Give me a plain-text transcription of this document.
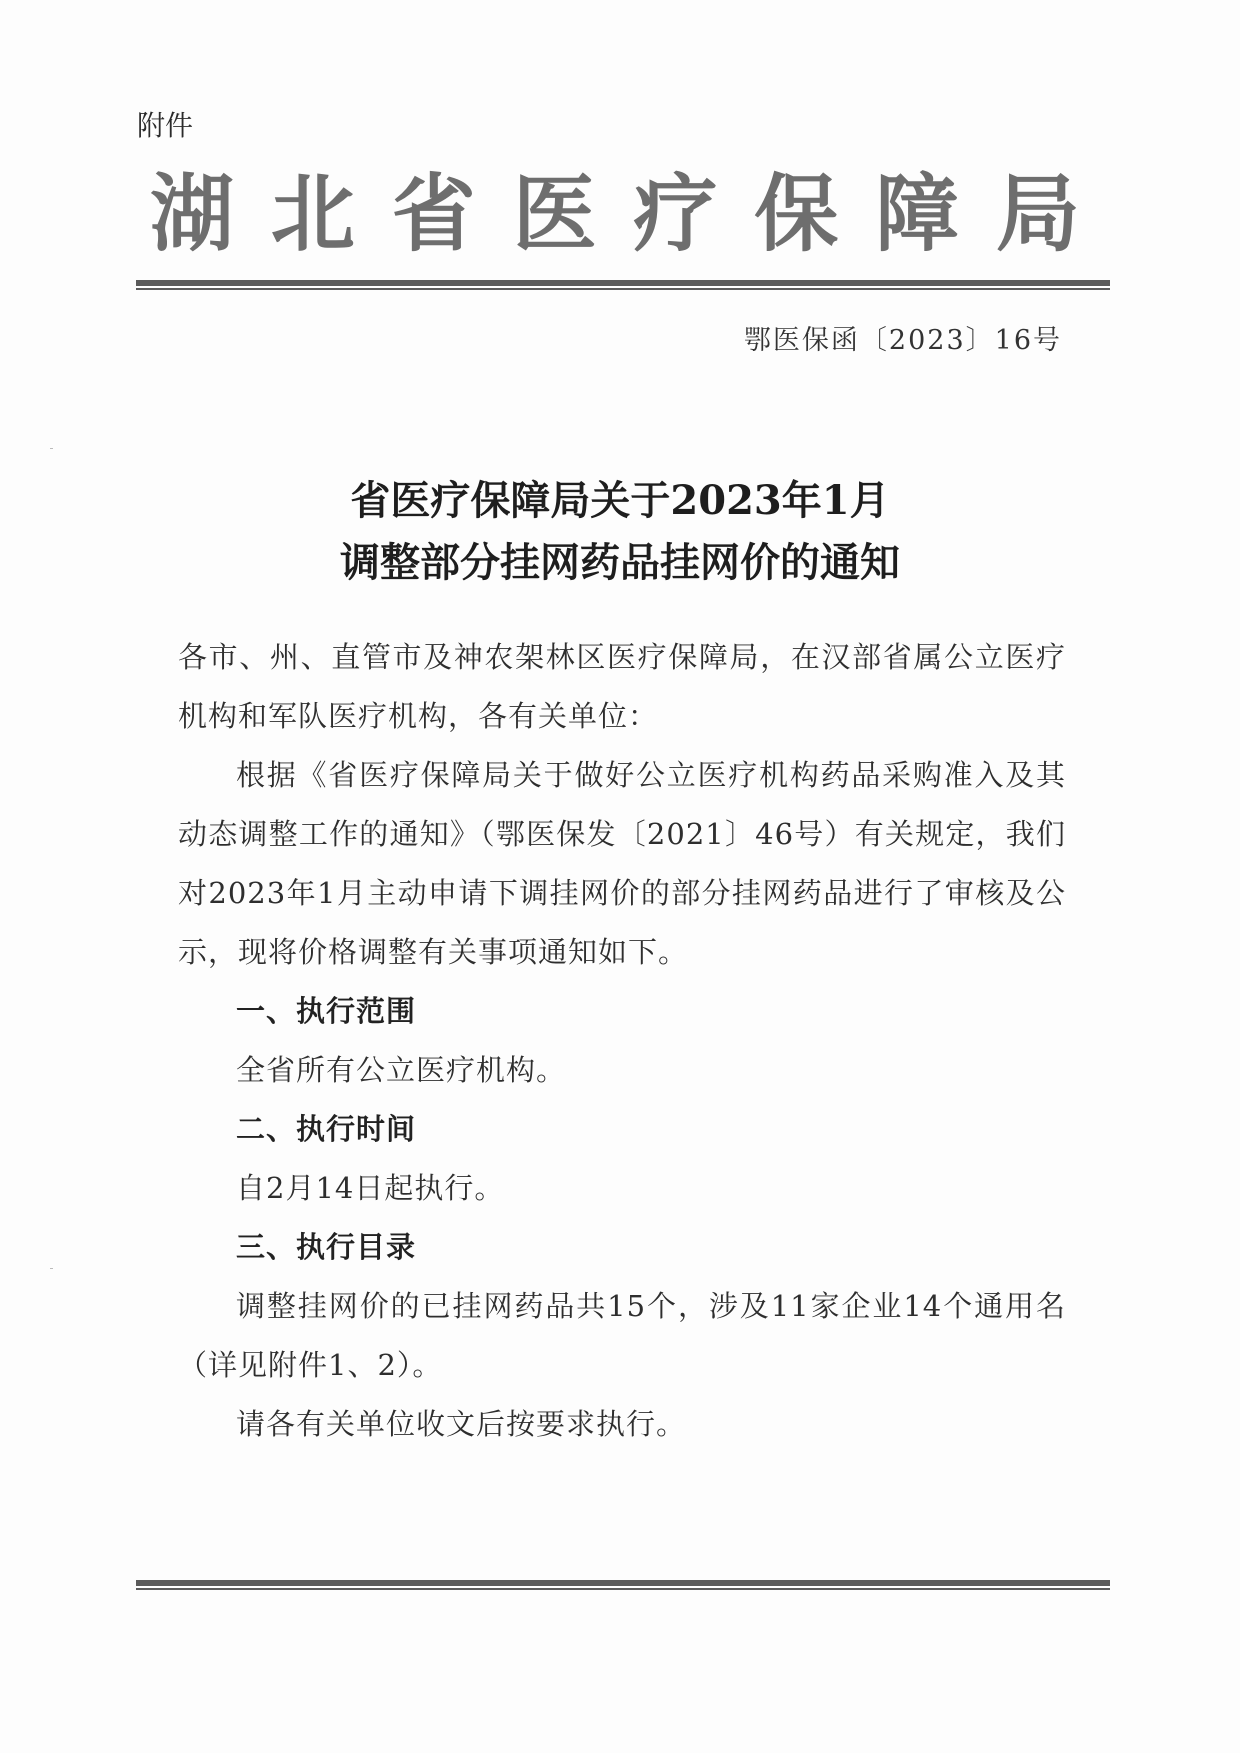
附件
湖 北 省 医 疗 保 障 局
鄂医保函〔2023〕16号
省医疗保障局关于2023年1月
调整部分挂网药品挂网价的通知

各市、州、直管市及神农架林区医疗保障局，在汉部省属公立医疗机构和军队医疗机构，各有关单位：

根据《省医疗保障局关于做好公立医疗机构药品采购准入及其动态调整工作的通知》（鄂医保发〔2021〕46号）有关规定，我们对2023年1月主动申请下调挂网价的部分挂网药品进行了审核及公示，现将价格调整有关事项通知如下。

一、执行范围

全省所有公立医疗机构。

二、执行时间

自2月14日起执行。

三、执行目录

调整挂网价的已挂网药品共15个，涉及11家企业14个通用名（详见附件1、2）。

请各有关单位收文后按要求执行。
